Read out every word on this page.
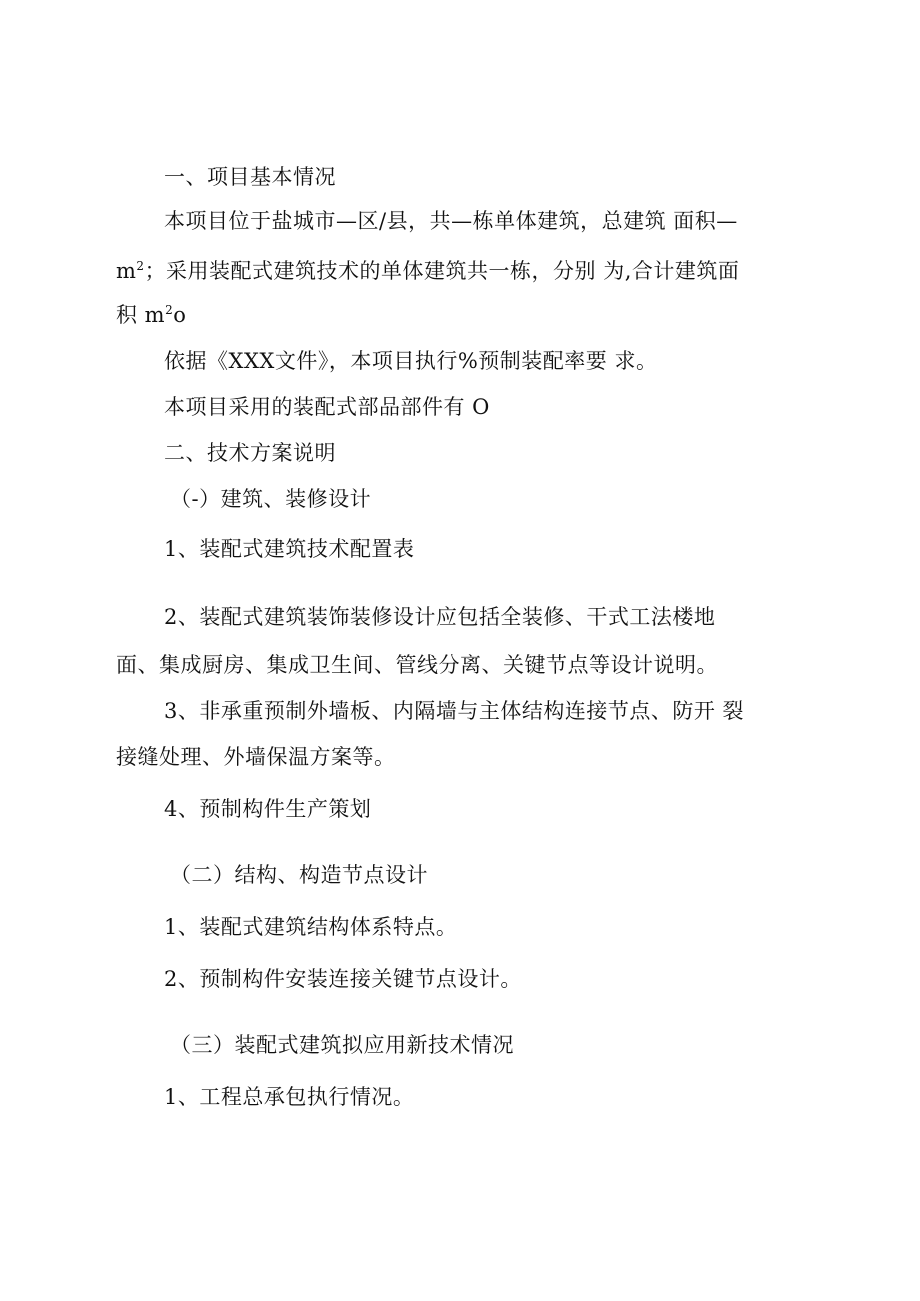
一、项目基本情况
本项目位于盐城市—区/县，共—栋单体建筑，总建筑 面积—
$m^2$；采用装配式建筑技术的单体建筑共一栋，分别 为,合计建筑面
积 $m^2o$
依据《XXX文件》，本项目执行%预制装配率要 求。
本项目采用的装配式部品部件有 O
二、技术方案说明
（-）建筑、装修设计
1、装配式建筑技术配置表
2、装配式建筑装饰装修设计应包括全装修、干式工法楼地
面、集成厨房、集成卫生间、管线分离、关键节点等设计说明。
3、非承重预制外墙板、内隔墙与主体结构连接节点、防开 裂
接缝处理、外墙保温方案等。
4、预制构件生产策划
（二）结构、构造节点设计
1、装配式建筑结构体系特点。
2、预制构件安装连接关键节点设计。
（三）装配式建筑拟应用新技术情况
1、工程总承包执行情况。
